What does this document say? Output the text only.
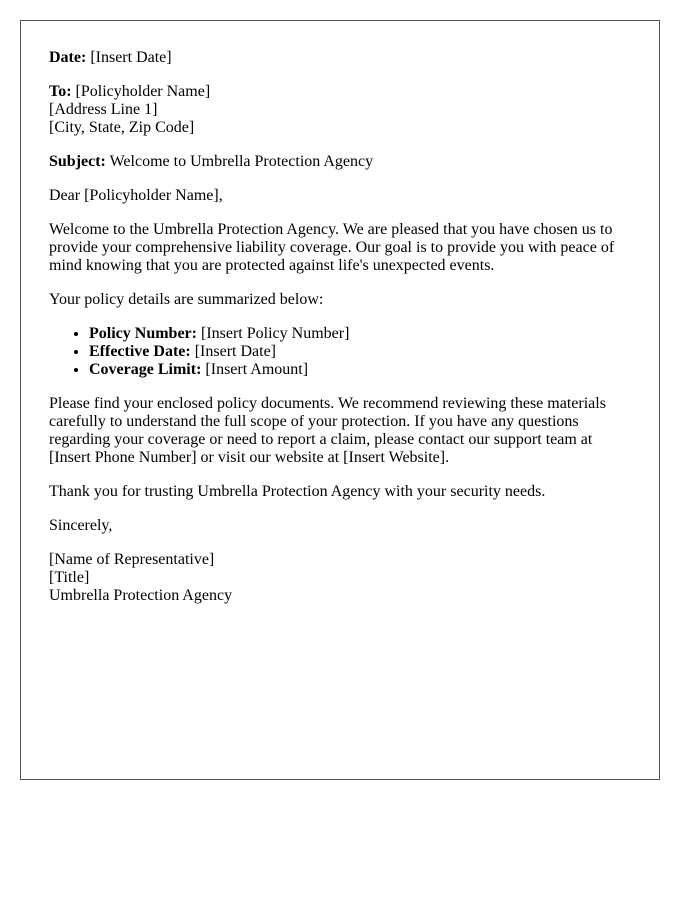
Date: [Insert Date]

To: [Policyholder Name]
[Address Line 1]
[City, State, Zip Code]

Subject: Welcome to Umbrella Protection Agency

Dear [Policyholder Name],

Welcome to the Umbrella Protection Agency. We are pleased that you have chosen us to provide your comprehensive liability coverage. Our goal is to provide you with peace of mind knowing that you are protected against life's unexpected events.

Your policy details are summarized below:

• Policy Number: [Insert Policy Number]
• Effective Date: [Insert Date]
• Coverage Limit: [Insert Amount]

Please find your enclosed policy documents. We recommend reviewing these materials carefully to understand the full scope of your protection. If you have any questions regarding your coverage or need to report a claim, please contact our support team at [Insert Phone Number] or visit our website at [Insert Website].

Thank you for trusting Umbrella Protection Agency with your security needs.

Sincerely,

[Name of Representative]
[Title]
Umbrella Protection Agency
